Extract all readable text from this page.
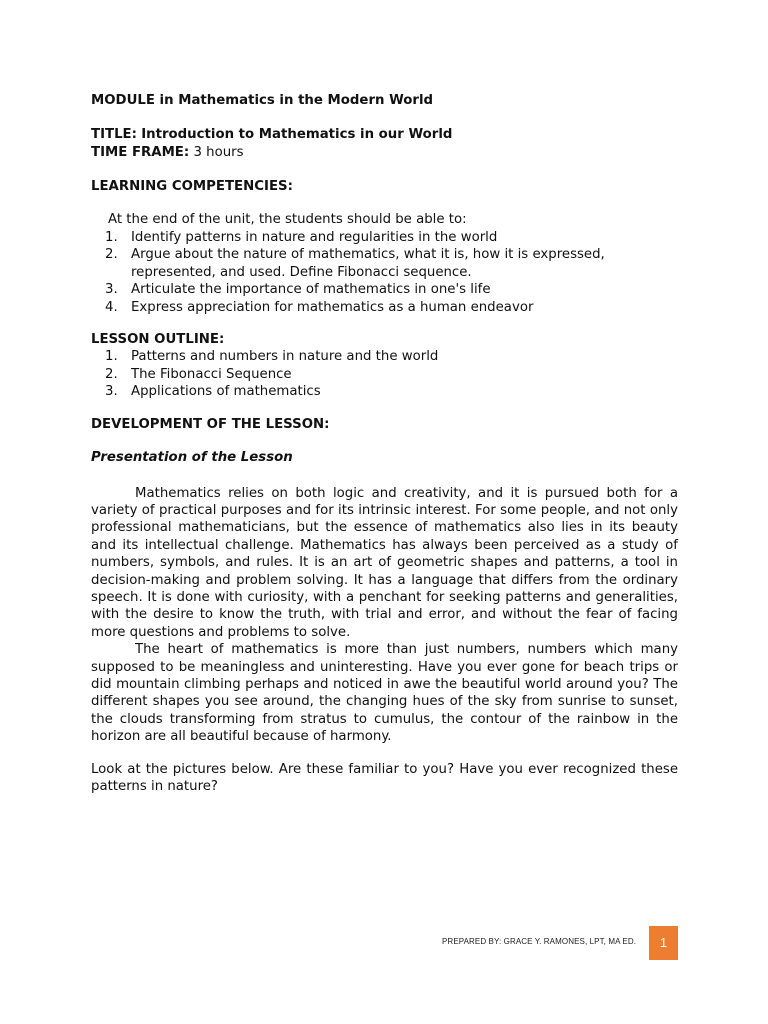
MODULE in Mathematics in the Modern World
TITLE: Introduction to Mathematics in our World
TIME FRAME: 3 hours
LEARNING COMPETENCIES:
At the end of the unit, the students should be able to:
1. Identify patterns in nature and regularities in the world
2. Argue about the nature of mathematics, what it is, how it is expressed,
represented, and used. Define Fibonacci sequence.
3. Articulate the importance of mathematics in one's life
4. Express appreciation for mathematics as a human endeavor
LESSON OUTLINE:
1. Patterns and numbers in nature and the world
2. The Fibonacci Sequence
3. Applications of mathematics
DEVELOPMENT OF THE LESSON:
Presentation of the Lesson

Mathematics relies on both logic and creativity, and it is pursued both for a variety of practical purposes and for its intrinsic interest. For some people, and not only professional mathematicians, but the essence of mathematics also lies in its beauty and its intellectual challenge. Mathematics has always been perceived as a study of numbers, symbols, and rules. It is an art of geometric shapes and patterns, a tool in decision-making and problem solving. It has a language that differs from the ordinary speech. It is done with curiosity, with a penchant for seeking patterns and generalities, with the desire to know the truth, with trial and error, and without the fear of facing more questions and problems to solve.

The heart of mathematics is more than just numbers, numbers which many supposed to be meaningless and uninteresting. Have you ever gone for beach trips or did mountain climbing perhaps and noticed in awe the beautiful world around you? The different shapes you see around, the changing hues of the sky from sunrise to sunset, the clouds transforming from stratus to cumulus, the contour of the rainbow in the horizon are all beautiful because of harmony.

Look at the pictures below. Are these familiar to you? Have you ever recognized these patterns in nature?

PREPARED BY: GRACE Y. RAMONES, LPT, MA ED.	1
